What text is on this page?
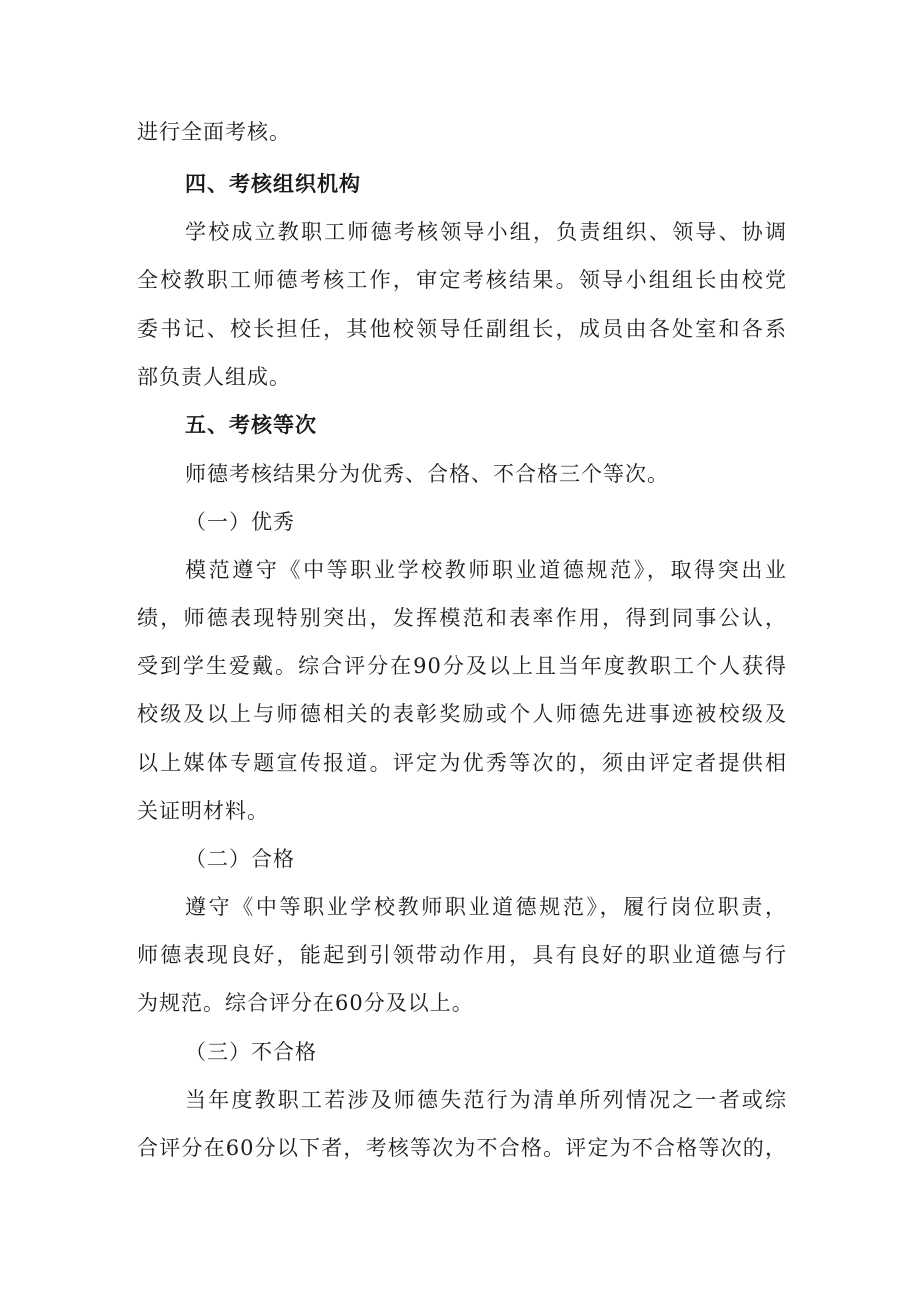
进行全面考核。
四、考核组织机构
学校成立教职工师德考核领导小组，负责组织、领导、协调
全校教职工师德考核工作，审定考核结果。领导小组组长由校党
委书记、校长担任，其他校领导任副组长，成员由各处室和各系
部负责人组成。
五、考核等次
师德考核结果分为优秀、合格、不合格三个等次。
（一）优秀
模范遵守《中等职业学校教师职业道德规范》，取得突出业
绩，师德表现特别突出，发挥模范和表率作用，得到同事公认，
受到学生爱戴。综合评分在90分及以上且当年度教职工个人获得
校级及以上与师德相关的表彰奖励或个人师德先进事迹被校级及
以上媒体专题宣传报道。评定为优秀等次的，须由评定者提供相
关证明材料。
（二）合格
遵守《中等职业学校教师职业道德规范》，履行岗位职责，
师德表现良好，能起到引领带动作用，具有良好的职业道德与行
为规范。综合评分在60分及以上。
（三）不合格
当年度教职工若涉及师德失范行为清单所列情况之一者或综
合评分在60分以下者，考核等次为不合格。评定为不合格等次的，
